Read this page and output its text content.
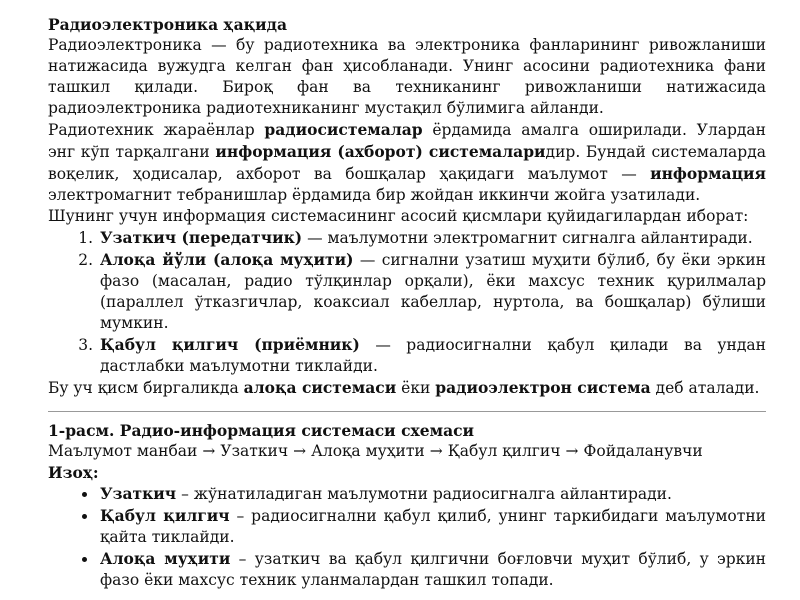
Радиоэлектроника ҳақида

Радиоэлектроника — бу радиотехника ва электроника фанларининг ривожланиши натижасида вужудга келган фан ҳисобланади. Унинг асосини радиотехника фани ташкил қилади. Бироқ фан ва техниканинг ривожланиши натижасида радиоэлектроника радиотехниканинг мустақил бўлимига айланди.

Радиотехник жараёнлар радиосистемалар ёрдамида амалга оширилади. Улардан энг кўп тарқалгани информация (ахборот) системаларидир. Бундай системаларда воқелик, ҳодисалар, ахборот ва бошқалар ҳақидаги маълумот — информация электромагнит тебранишлар ёрдамида бир жойдан иккинчи жойга узатилади.

Шунинг учун информация системасининг асосий қисмлари қуйидагилардан иборат:

1. Узаткич (передатчик) — маълумотни электромагнит сигналга айлантиради.
2. Алоқа йўли (алоқа муҳити) — сигнални узатиш муҳити бўлиб, бу ёки эркин фазо (масалан, радио тўлқинлар орқали), ёки махсус техник қурилмалар (параллел ўтказгичлар, коаксиал кабеллар, нуртола, ва бошқалар) бўлиши мумкин.
3. Қабул қилгич (приёмник) — радиосигнални қабул қилади ва ундан дастлабки маълумотни тиклайди.

Бу уч қисм биргаликда алоқа системаси ёки радиоэлектрон система деб аталади.

1-расм. Радио-информация системаси схемаси

Маълумот манбаи → Узаткич → Алоқа муҳити → Қабул қилгич → Фойдаланувчи

Изоҳ:

• Узаткич – жўнатиладиган маълумотни радиосигналга айлантиради.
• Қабул қилгич – радиосигнални қабул қилиб, унинг таркибидаги маълумотни қайта тиклайди.
• Алоқа муҳити – узаткич ва қабул қилгични боғловчи муҳит бўлиб, у эркин фазо ёки махсус техник уланмалардан ташкил топади.
